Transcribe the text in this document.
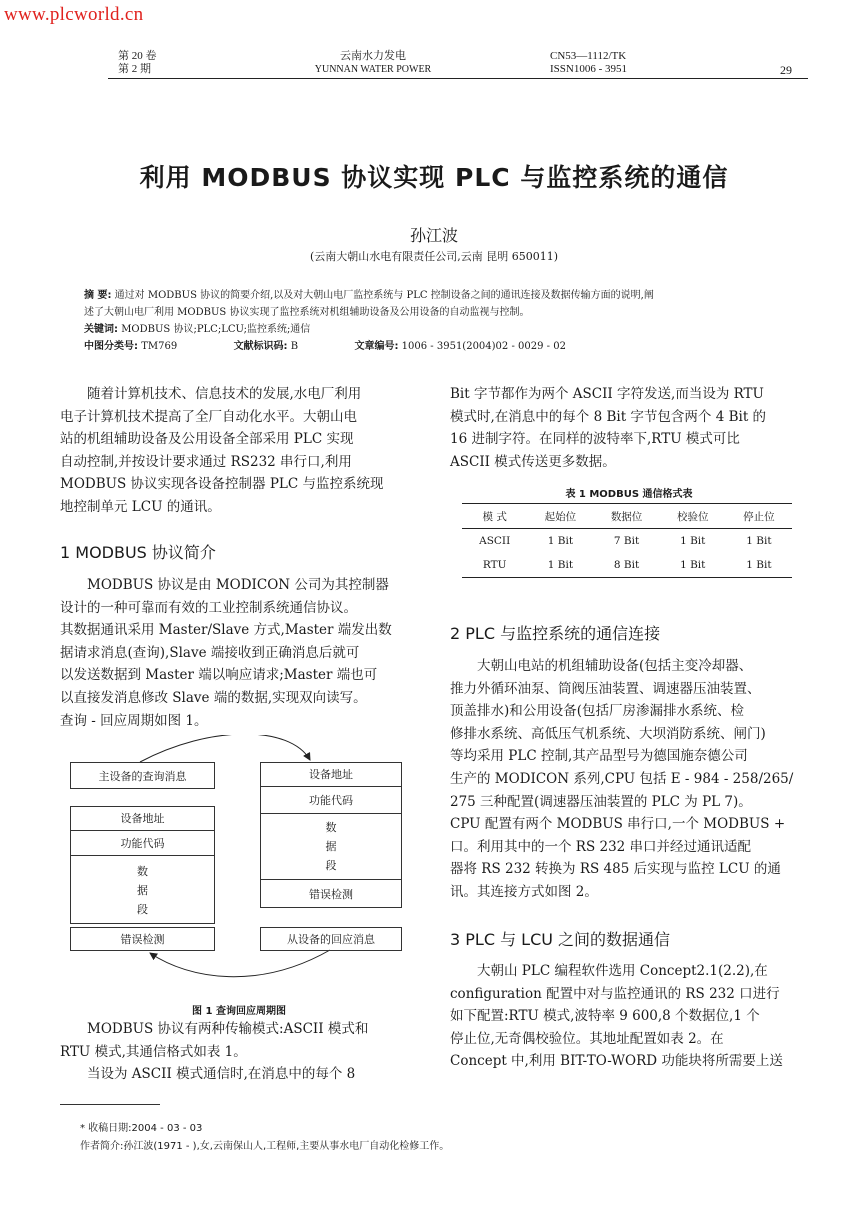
www.plcworld.cn
第 20 卷
第 2 期
云南水力发电
YUNNAN WATER POWER
CN53—1112/TK
ISSN1006 - 3951	29
利用 MODBUS 协议实现 PLC 与监控系统的通信
孙江波
(云南大朝山水电有限责任公司,云南 昆明 650011)
摘 要: 通过对 MODBUS 协议的简要介绍,以及对大朝山电厂监控系统与 PLC 控制设备之间的通讯连接及数据传输方面的说明,阐
述了大朝山电厂利用 MODBUS 协议实现了监控系统对机组辅助设备及公用设备的自动监视与控制。
关键词: MODBUS 协议;PLC;LCU;监控系统;通信
中图分类号: TM769	文献标识码: B	文章编号: 1006 - 3951(2004)02 - 0029 - 02

随着计算机技术、信息技术的发展,水电厂利用

电子计算机技术提高了全厂自动化水平。大朝山电

站的机组辅助设备及公用设备全部采用 PLC 实现

自动控制,并按设计要求通过 RS232 串行口,利用

MODBUS 协议实现各设备控制器 PLC 与监控系统现

地控制单元 LCU 的通讯。

1 MODBUS 协议简介

MODBUS 协议是由 MODICON 公司为其控制器

设计的一种可靠而有效的工业控制系统通信协议。

其数据通讯采用 Master/Slave 方式,Master 端发出数

据请求消息(查询),Slave 端接收到正确消息后就可

以发送数据到 Master 端以响应请求;Master 端也可

以直接发消息修改 Slave 端的数据,实现双向读写。

查询 - 回应周期如图 1。

主设备的查询消息
设备地址
功能代码
数
据
段
错误检测
设备地址
功能代码
数
据
段
错误检测
从设备的回应消息
图 1 查询回应周期图

MODBUS 协议有两种传输模式:ASCII 模式和

RTU 模式,其通信格式如表 1。

当设为 ASCII 模式通信时,在消息中的每个 8

Bit 字节都作为两个 ASCII 字符发送,而当设为 RTU

模式时,在消息中的每个 8 Bit 字节包含两个 4 Bit 的

16 进制字符。在同样的波特率下,RTU 模式可比

ASCII 模式传送更多数据。

表 1 MODBUS 通信格式表
模 式	起始位	数据位	校验位	停止位
ASCII	1 Bit	7 Bit	1 Bit	1 Bit
RTU	1 Bit	8 Bit	1 Bit	1 Bit
2 PLC 与监控系统的通信连接

大朝山电站的机组辅助设备(包括主变冷却器、

推力外循环油泵、筒阀压油装置、调速器压油装置、

顶盖排水)和公用设备(包括厂房渗漏排水系统、检

修排水系统、高低压气机系统、大坝消防系统、闸门)

等均采用 PLC 控制,其产品型号为德国施奈德公司

生产的 MODICON 系列,CPU 包括 E - 984 - 258/265/

275 三种配置(调速器压油装置的 PLC 为 PL 7)。

CPU 配置有两个 MODBUS 串行口,一个 MODBUS +

口。利用其中的一个 RS 232 串口并经过通讯适配

器将 RS 232 转换为 RS 485 后实现与监控 LCU 的通

讯。其连接方式如图 2。

3 PLC 与 LCU 之间的数据通信

大朝山 PLC 编程软件选用 Concept2.1(2.2),在

configuration 配置中对与监控通讯的 RS 232 口进行

如下配置:RTU 模式,波特率 9 600,8 个数据位,1 个

停止位,无奇偶校验位。其地址配置如表 2。在

Concept 中,利用 BIT-TO-WORD 功能块将所需要上送

* 收稿日期:2004 - 03 - 03
作者简介:孙江波(1971 - ),女,云南保山人,工程师,主要从事水电厂自动化检修工作。
